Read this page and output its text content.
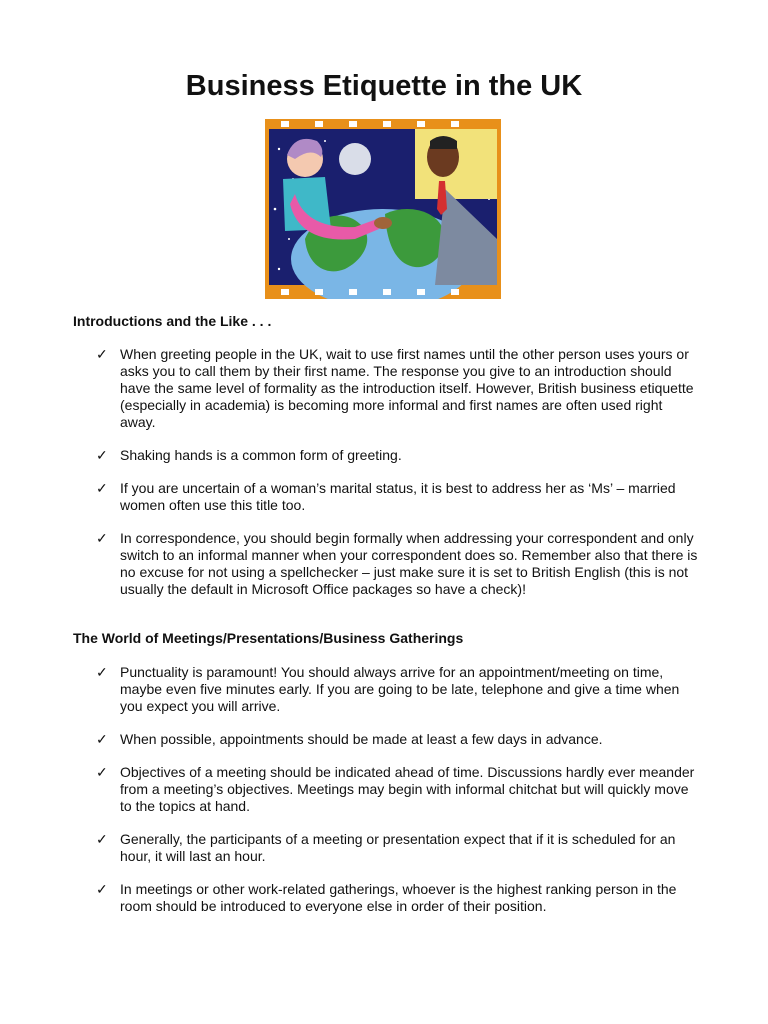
Business Etiquette in the UK
Introductions and the Like . . .
✓ When greeting people in the UK, wait to use first names until the other person uses yours or asks you to call them by their first name. The response you give to an introduction should have the same level of formality as the introduction itself. However, British business etiquette (especially in academia) is becoming more informal and first names are often used right away.
✓ Shaking hands is a common form of greeting.
✓ If you are uncertain of a woman’s marital status, it is best to address her as ‘Ms’ – married women often use this title too.
✓ In correspondence, you should begin formally when addressing your correspondent and only switch to an informal manner when your correspondent does so. Remember also that there is no excuse for not using a spellchecker – just make sure it is set to British English (this is not usually the default in Microsoft Office packages so have a check)!
The World of Meetings/Presentations/Business Gatherings
✓ Punctuality is paramount! You should always arrive for an appointment/meeting on time, maybe even five minutes early. If you are going to be late, telephone and give a time when you expect you will arrive.
✓ When possible, appointments should be made at least a few days in advance.
✓ Objectives of a meeting should be indicated ahead of time. Discussions hardly ever meander from a meeting’s objectives. Meetings may begin with informal chitchat but will quickly move to the topics at hand.
✓ Generally, the participants of a meeting or presentation expect that if it is scheduled for an hour, it will last an hour.
✓ In meetings or other work-related gatherings, whoever is the highest ranking person in the room should be introduced to everyone else in order of their position.
